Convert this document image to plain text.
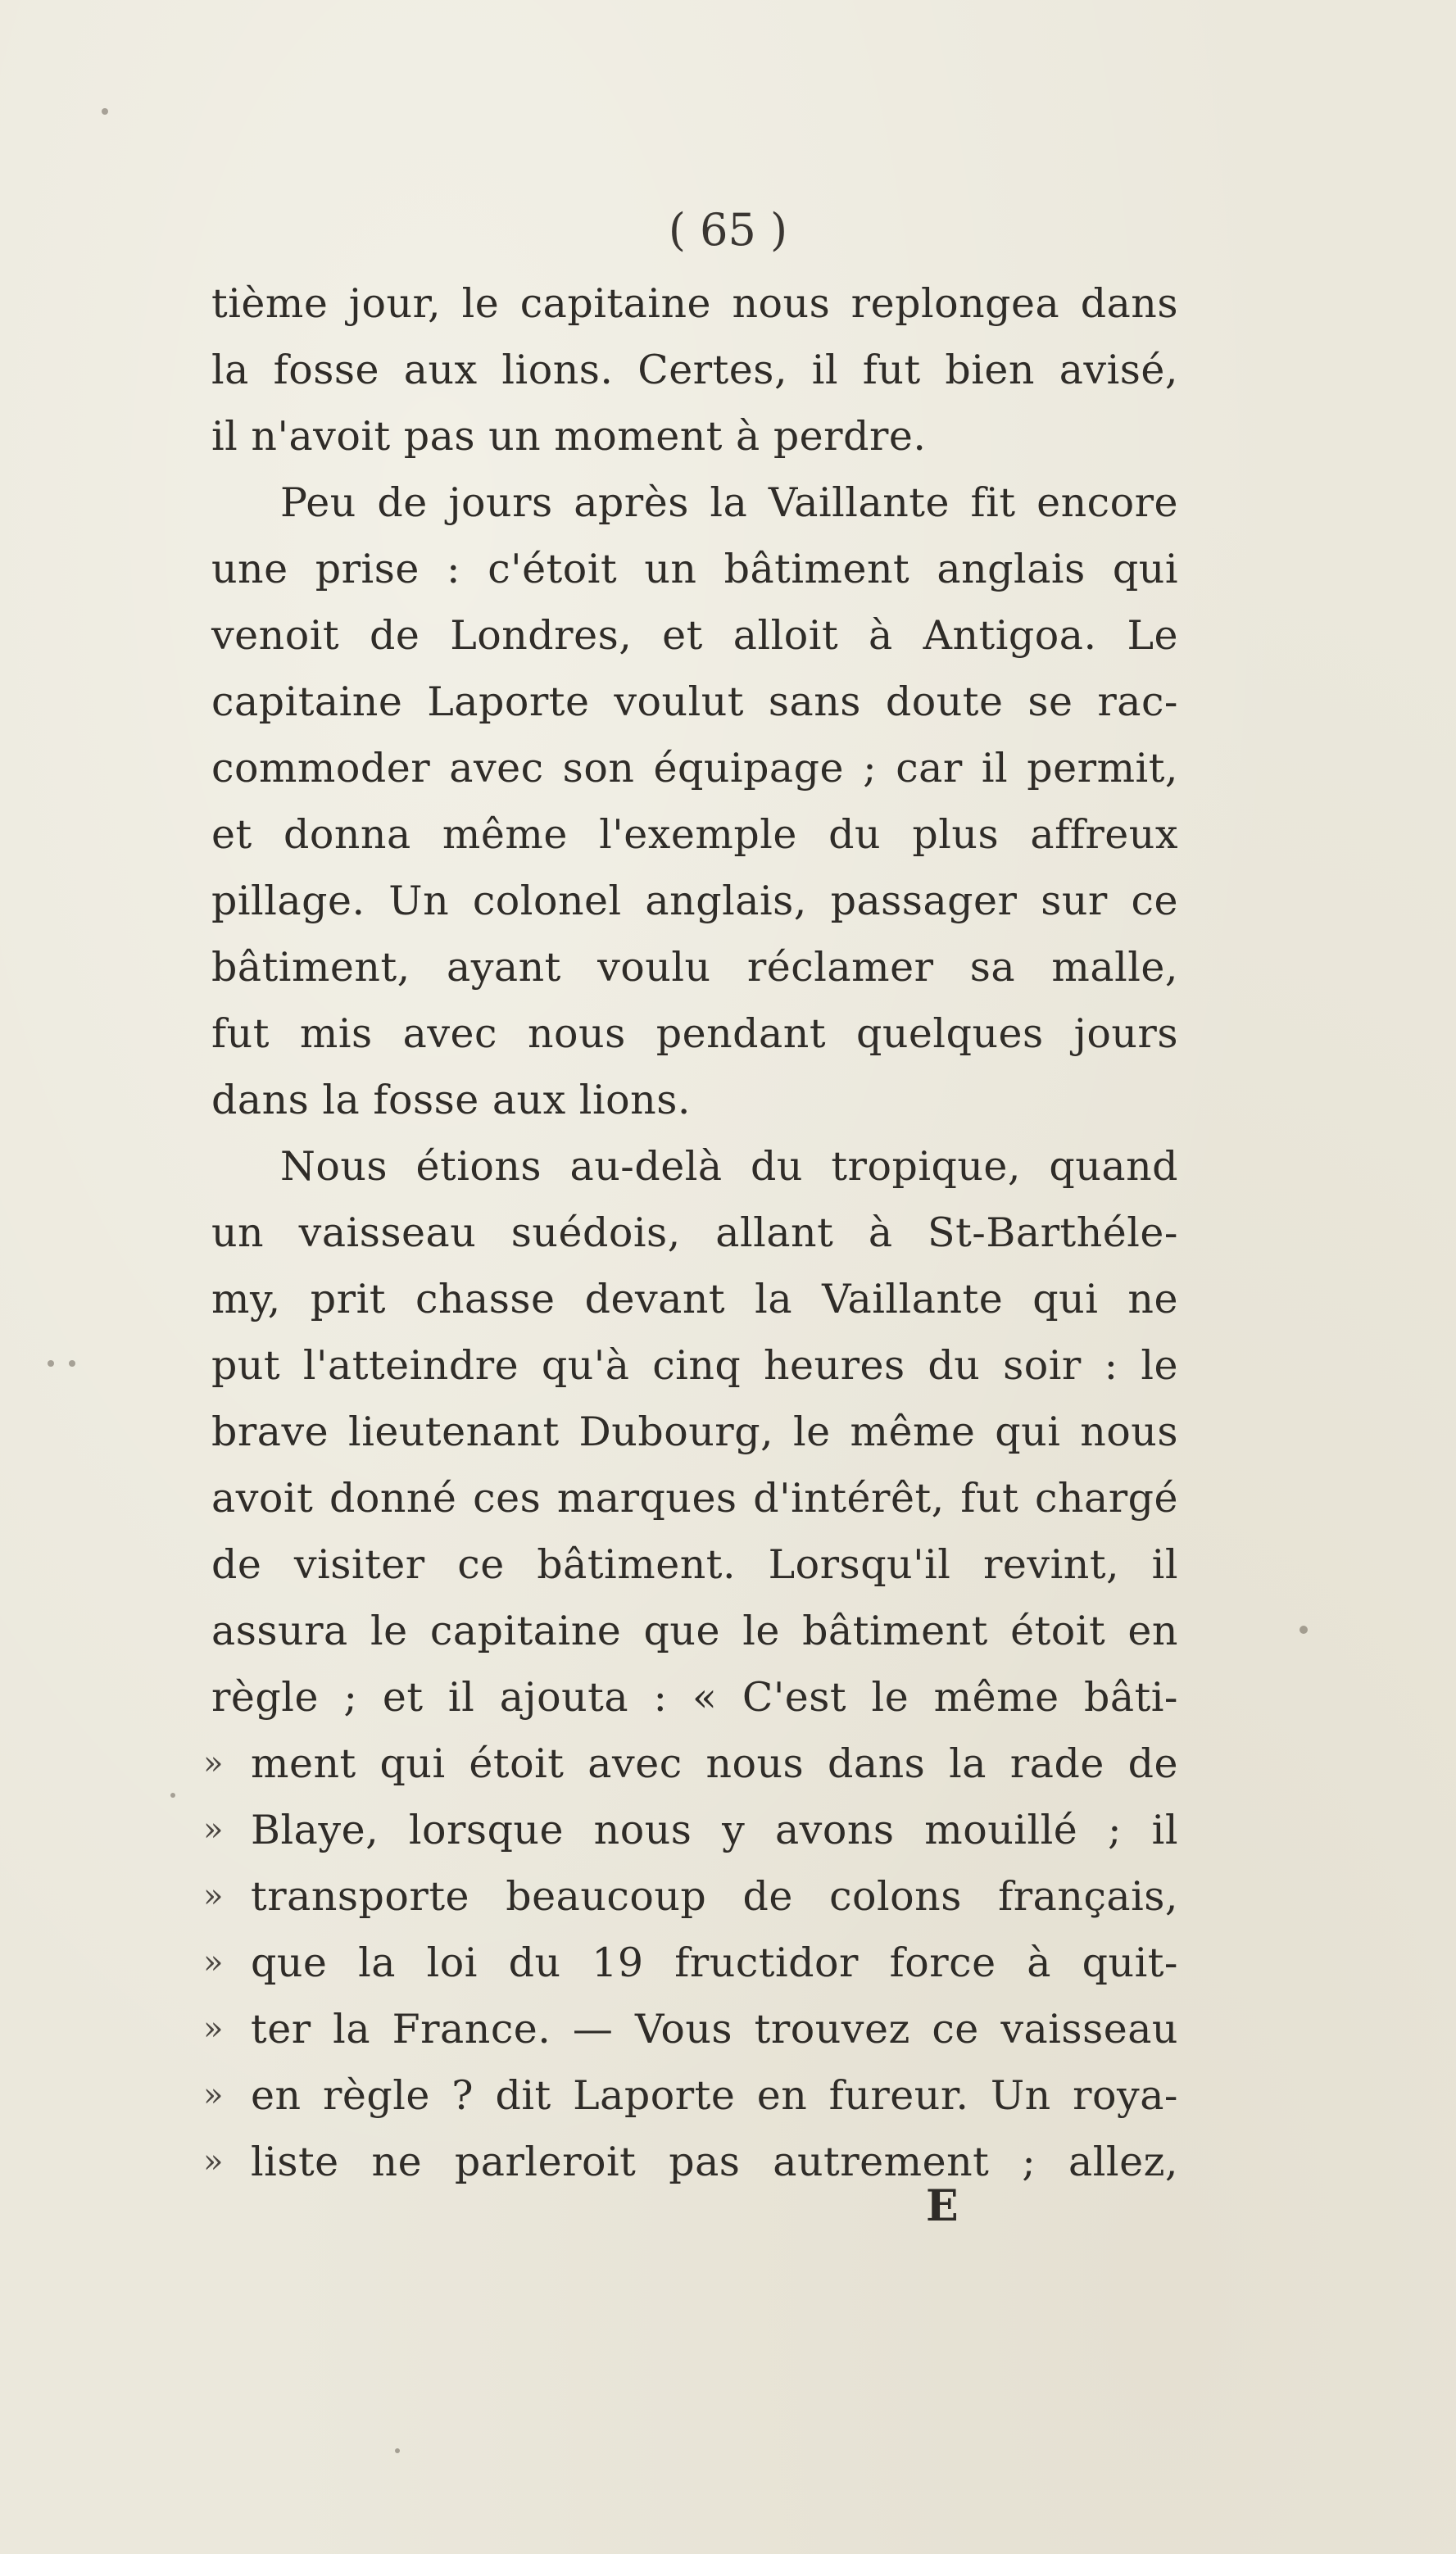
( 65 )
tième jour, le capitaine nous replongea dans
la fosse aux lions. Certes, il fut bien avisé,
il n'avoit pas un moment à perdre.
Peu de jours après la Vaillante fit encore
une prise : c'étoit un bâtiment anglais qui
venoit de Londres, et alloit à Antigoa. Le
capitaine Laporte voulut sans doute se rac-
commoder avec son équipage ; car il permit,
et donna même l'exemple du plus affreux
pillage. Un colonel anglais, passager sur ce
bâtiment, ayant voulu réclamer sa malle,
fut mis avec nous pendant quelques jours
dans la fosse aux lions.
Nous étions au-delà du tropique, quand
un vaisseau suédois, allant à St-Barthéle-
my, prit chasse devant la Vaillante qui ne
put l'atteindre qu'à cinq heures du soir : le
brave lieutenant Dubourg, le même qui nous
avoit donné ces marques d'intérêt, fut chargé
de visiter ce bâtiment. Lorsqu'il revint, il
assura le capitaine que le bâtiment étoit en
règle ; et il ajouta : « C'est le même bâti-
» ment qui étoit avec nous dans la rade de
» Blaye, lorsque nous y avons mouillé ; il
» transporte beaucoup de colons français,
» que la loi du 19 fructidor force à quit-
» ter la France. — Vous trouvez ce vaisseau
» en règle ? dit Laporte en fureur. Un roya-
» liste ne parleroit pas autrement ; allez,
E
